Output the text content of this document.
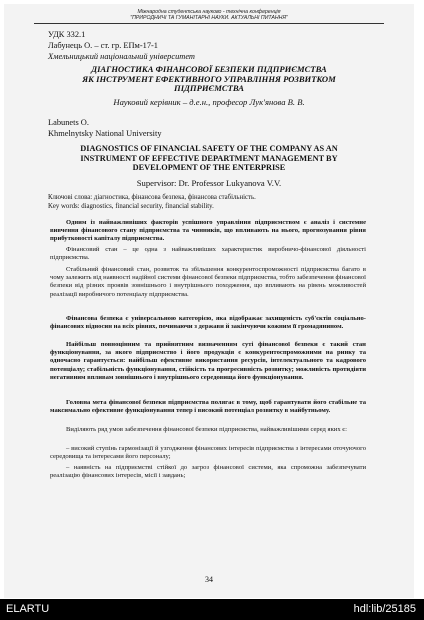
Міжнародна студентська науково - технічна конференція
"ПРИРОДНИЧІ ТА ГУМАНІТАРНІ НАУКИ. АКТУАЛЬНІ ПИТАННЯ"
УДК 332.1
Лабунець О. – ст. гр. ЕПм-17-1
Хмельницький національний університет
ДІАГНОСТИКА ФІНАНСОВОЇ БЕЗПЕКИ ПІДПРИЄМСТВА
ЯК ІНСТРУМЕНТ ЕФЕКТИВНОГО УПРАВЛІННЯ РОЗВИТКОМ
ПІДПРИЄМСТВА
Науковий керівник – д.е.н., професор Лук'янова В. В.
Labunets O.
Khmelnytsky National University
DIAGNOSTICS OF FINANCIAL SAFETY OF THE COMPANY AS AN
INSTRUMENT OF EFFECTIVE DEPARTMENT MANAGEMENT BY
DEVELOPMENT OF THE ENTERPRISE
Supervisor: Dr. Professor Lukyanova V.V.
Ключові слова: діагностика, фінансова безпека, фінансова стабільність.
Key words: diagnostics, financial security, financial stability.
Одним із найважливіших факторів успішного управління підприємством є аналіз і системне вивчення фінансового стану підприємства та чинників, що впливають на нього, прогнозування рівня прибутковості капіталу підприємства.
Фінансовий стан – це одна з найважливіших характеристик виробничо-фінансової діяльності підприємства.
Стабільний фінансовий стан, розвиток та збільшення конкурентоспроможності підприємства багато в чому залежить від наявності надійної системи фінансової безпеки підприємства, тобто забезпечення фінансової безпеки від різних проявів зовнішнього і внутрішнього походження, що впливають на рівень можливостей реалізації виробничого потенціалу підприємства.
Фінансова безпека є універсальною категорією, яка відображає захищеність суб'єктів соціально-фінансових відносин на всіх рівнях, починаючи з держави й закінчуючи кожним її громадянином.
Найбільш повноцінним та прийнятним визначенням суті фінансової безпеки є такий стан функціонування, за якого підприємство і його продукція є конкурентоспроможними на ринку та одночасно гарантується: найбільш ефективне використання ресурсів, інтелектуального та кадрового потенціалу; стабільність функціонування, стійкість та прогресивність розвитку; можливість протидіяти негативним впливам зовнішнього і внутрішнього середовища його функціонування.
Головна мета фінансової безпеки підприємства полягає в тому, щоб гарантувати його стабільне та максимально ефективне функціонування тепер і високий потенціал розвитку в майбутньому.
Виділяють ряд умов забезпечення фінансової безпеки підприємства, найважливішими серед яких є:
– високий ступінь гармонізації й узгодження фінансових інтересів підприємства з інтересами оточуючого середовища та інтересами його персоналу;
– наявність на підприємстві стійкої до загроз фінансової системи, яка спроможна забезпечувати реалізацію фінансових інтересів, місії і завдань;
34
ELARTU	hdl:lib/25185
